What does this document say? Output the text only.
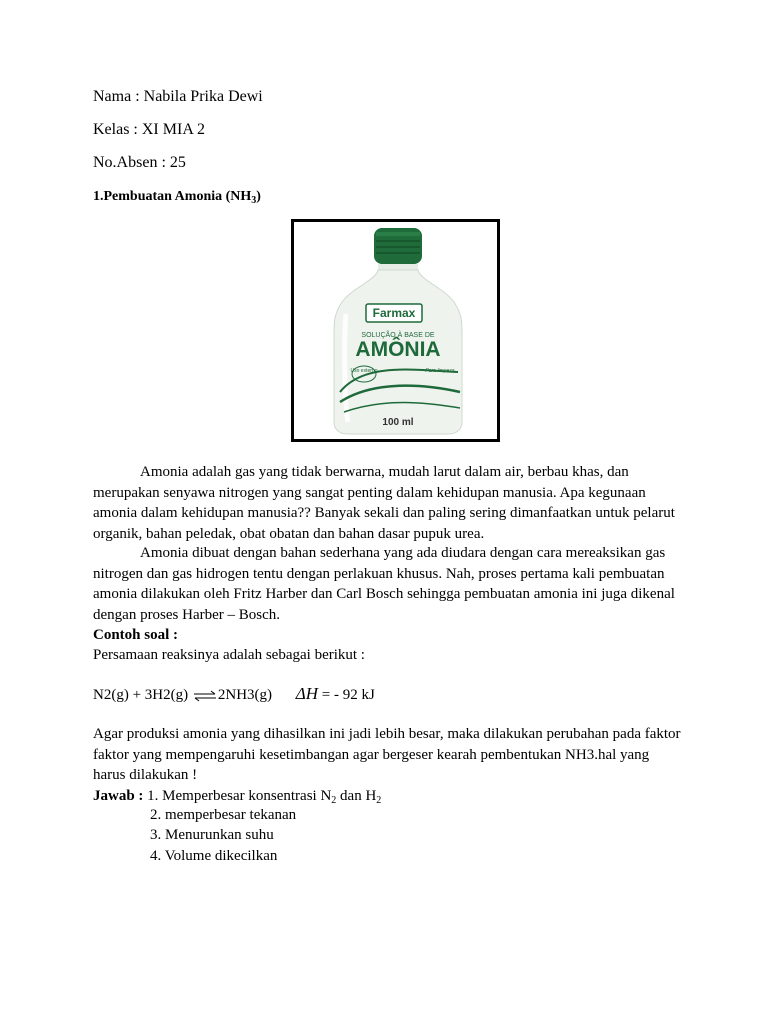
Nama : Nabila Prika Dewi
Kelas : XI MIA 2
No.Absen : 25
1.Pembuatan Amonia $(NH_3)$
Farmax
SOLUÇÃO À BASE DE
AMÔNIA
Uso externo	Para limpeza
100 ml
Amonia adalah gas yang tidak berwarna, mudah larut dalam air, berbau khas, dan merupakan senyawa nitrogen yang sangat penting dalam kehidupan manusia. Apa kegunaan amonia dalam kehidupan manusia?? Banyak sekali dan paling sering dimanfaatkan untuk pelarut organik, bahan peledak, obat obatan dan bahan dasar pupuk urea.
Amonia dibuat dengan bahan sederhana yang ada diudara dengan cara mereaksikan gas nitrogen dan gas hidrogen tentu dengan perlakuan khusus. Nah, proses pertama kali pembuatan amonia dilakukan oleh Fritz Harber dan Carl Bosch sehingga pembuatan amonia ini juga dikenal dengan proses Harber – Bosch.
Contoh soal :
Persamaan reaksinya adalah sebagai berikut :
N2(g) + 3H2(g) ⇌2NH3(g) ΔH = - 92 kJ
Agar produksi amonia yang dihasilkan ini jadi lebih besar, maka dilakukan perubahan pada faktor faktor yang mempengaruhi kesetimbangan agar bergeser kearah pembentukan NH3.hal yang harus dilakukan !
Jawab : 1. Memperbesar konsentrasi $N_2$ dan $H_2$
2. memperbesar tekanan
3. Menurunkan suhu
4. Volume dikecilkan
